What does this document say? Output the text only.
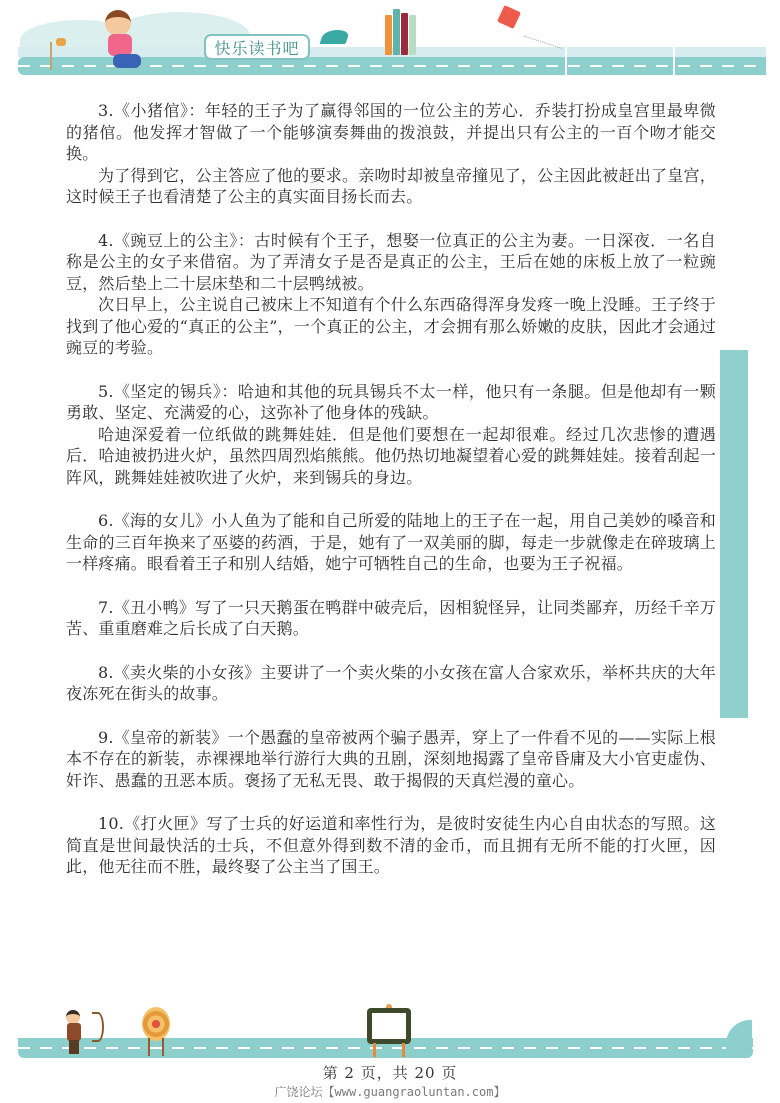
快乐读书吧

3.《小猪倌》：年轻的王子为了赢得邻国的一位公主的芳心．乔装打扮成皇宫里最卑微的猪倌。他发挥才智做了一个能够演奏舞曲的拨浪鼓，并提出只有公主的一百个吻才能交换。

为了得到它，公主答应了他的要求。亲吻时却被皇帝撞见了，公主因此被赶出了皇宫，这时候王子也看清楚了公主的真实面目扬长而去。

4.《豌豆上的公主》：古时候有个王子，想娶一位真正的公主为妻。一日深夜．一名自称是公主的女子来借宿。为了弄清女子是否是真正的公主，王后在她的床板上放了一粒豌豆，然后垫上二十层床垫和二十层鸭绒被。

次日早上，公主说自己被床上不知道有个什么东西硌得浑身发疼一晚上没睡。王子终于找到了他心爱的“真正的公主”，一个真正的公主，才会拥有那么娇嫩的皮肤，因此才会通过豌豆的考验。

5.《坚定的锡兵》：哈迪和其他的玩具锡兵不太一样，他只有一条腿。但是他却有一颗勇敢、坚定、充满爱的心，这弥补了他身体的残缺。

哈迪深爱着一位纸做的跳舞娃娃．但是他们要想在一起却很难。经过几次悲惨的遭遇后．哈迪被扔进火炉，虽然四周烈焰熊熊。他仍热切地凝望着心爱的跳舞娃娃。接着刮起一阵风，跳舞娃娃被吹进了火炉，来到锡兵的身边。

6.《海的女儿》小人鱼为了能和自己所爱的陆地上的王子在一起，用自己美妙的嗓音和生命的三百年换来了巫婆的药酒，于是，她有了一双美丽的脚，每走一步就像走在碎玻璃上一样疼痛。眼看着王子和别人结婚，她宁可牺牲自己的生命，也要为王子祝福。

7.《丑小鸭》写了一只天鹅蛋在鸭群中破壳后，因相貌怪异，让同类鄙弃，历经千辛万苦、重重磨难之后长成了白天鹅。

8.《卖火柴的小女孩》主要讲了一个卖火柴的小女孩在富人合家欢乐，举杯共庆的大年夜冻死在街头的故事。

9.《皇帝的新装》一个愚蠢的皇帝被两个骗子愚弄，穿上了一件看不见的——实际上根本不存在的新装，赤裸裸地举行游行大典的丑剧，深刻地揭露了皇帝昏庸及大小官吏虚伪、奸诈、愚蠢的丑恶本质。褒扬了无私无畏、敢于揭假的天真烂漫的童心。

10.《打火匣》写了士兵的好运道和率性行为，是彼时安徒生内心自由状态的写照。这简直是世间最快活的士兵，不但意外得到数不清的金币，而且拥有无所不能的打火匣，因此，他无往而不胜，最终娶了公主当了国王。

第 2 页，共 20 页
广饶论坛【www.guangraoluntan.com】
